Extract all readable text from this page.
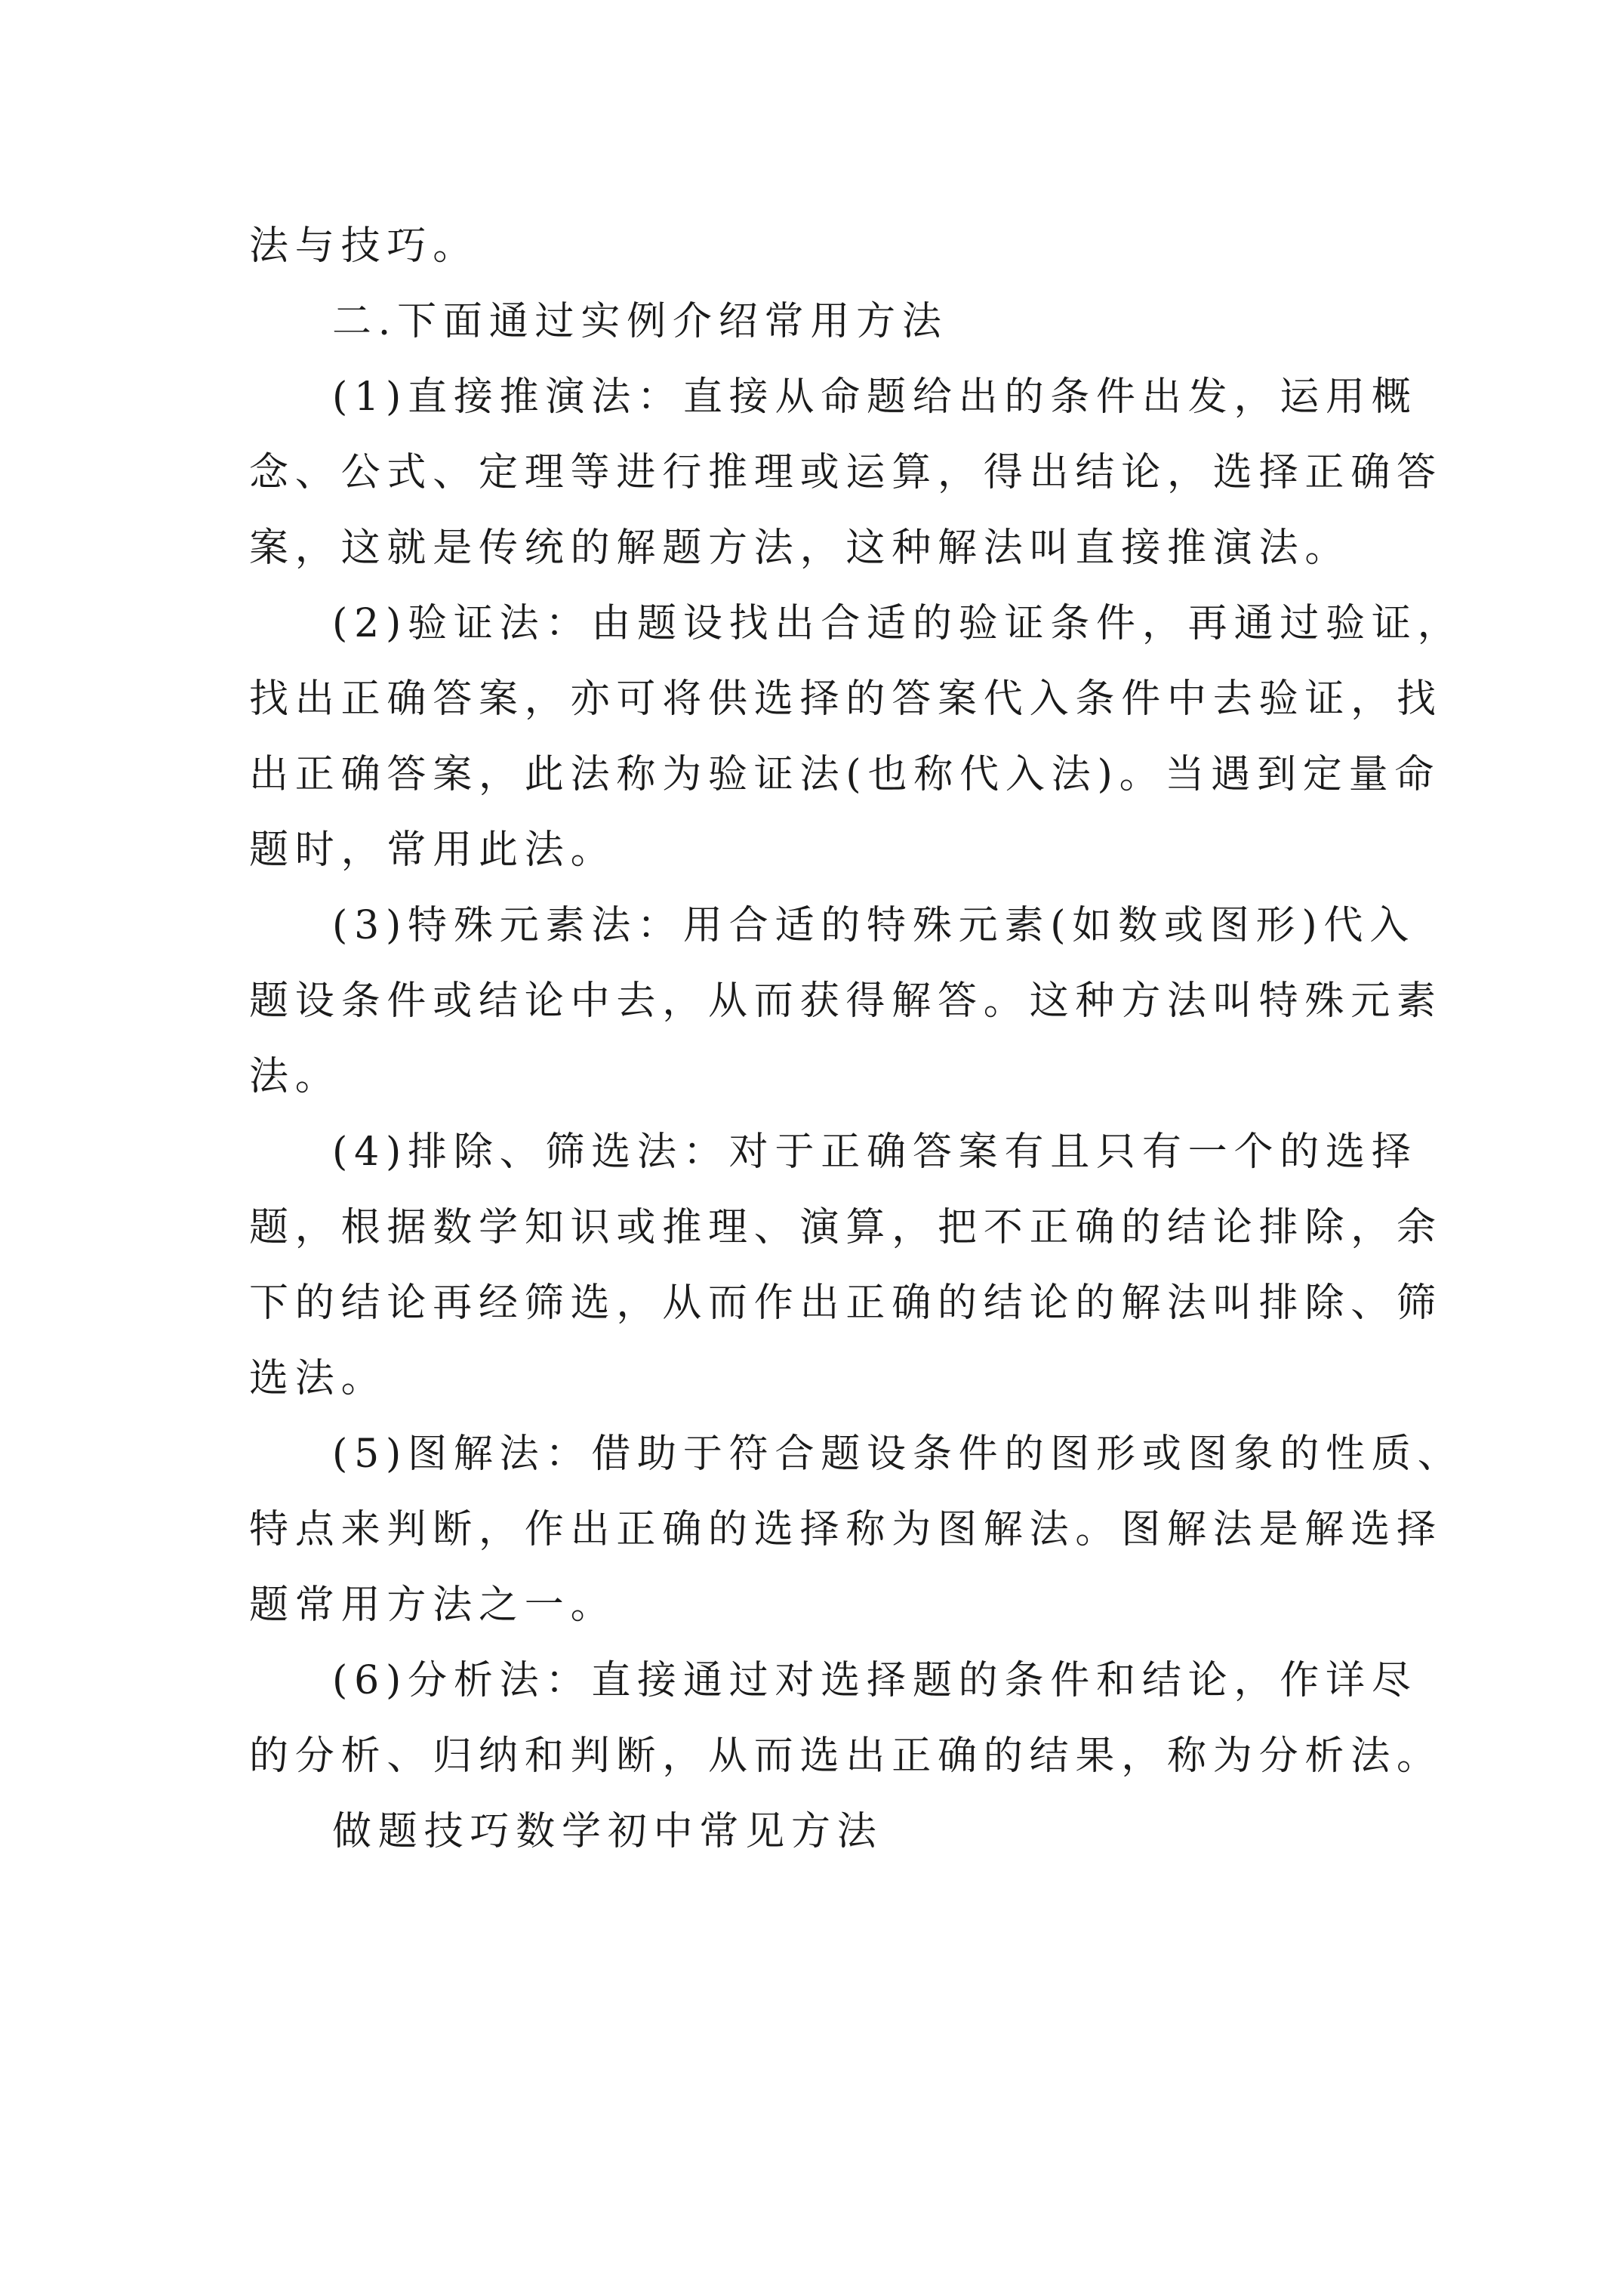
法与技巧。
二.下面通过实例介绍常用方法
(1)直接推演法：直接从命题给出的条件出发，运用概
念、公式、定理等进行推理或运算，得出结论，选择正确答
案，这就是传统的解题方法，这种解法叫直接推演法。
(2)验证法：由题设找出合适的验证条件，再通过验证，
找出正确答案，亦可将供选择的答案代入条件中去验证，找
出正确答案，此法称为验证法(也称代入法)。当遇到定量命
题时，常用此法。
(3)特殊元素法：用合适的特殊元素(如数或图形)代入
题设条件或结论中去，从而获得解答。这种方法叫特殊元素
法。
(4)排除、筛选法：对于正确答案有且只有一个的选择
题，根据数学知识或推理、演算，把不正确的结论排除，余
下的结论再经筛选，从而作出正确的结论的解法叫排除、筛
选法。
(5)图解法：借助于符合题设条件的图形或图象的性质、
特点来判断，作出正确的选择称为图解法。图解法是解选择
题常用方法之一。
(6)分析法：直接通过对选择题的条件和结论，作详尽
的分析、归纳和判断，从而选出正确的结果，称为分析法。
做题技巧数学初中常见方法
